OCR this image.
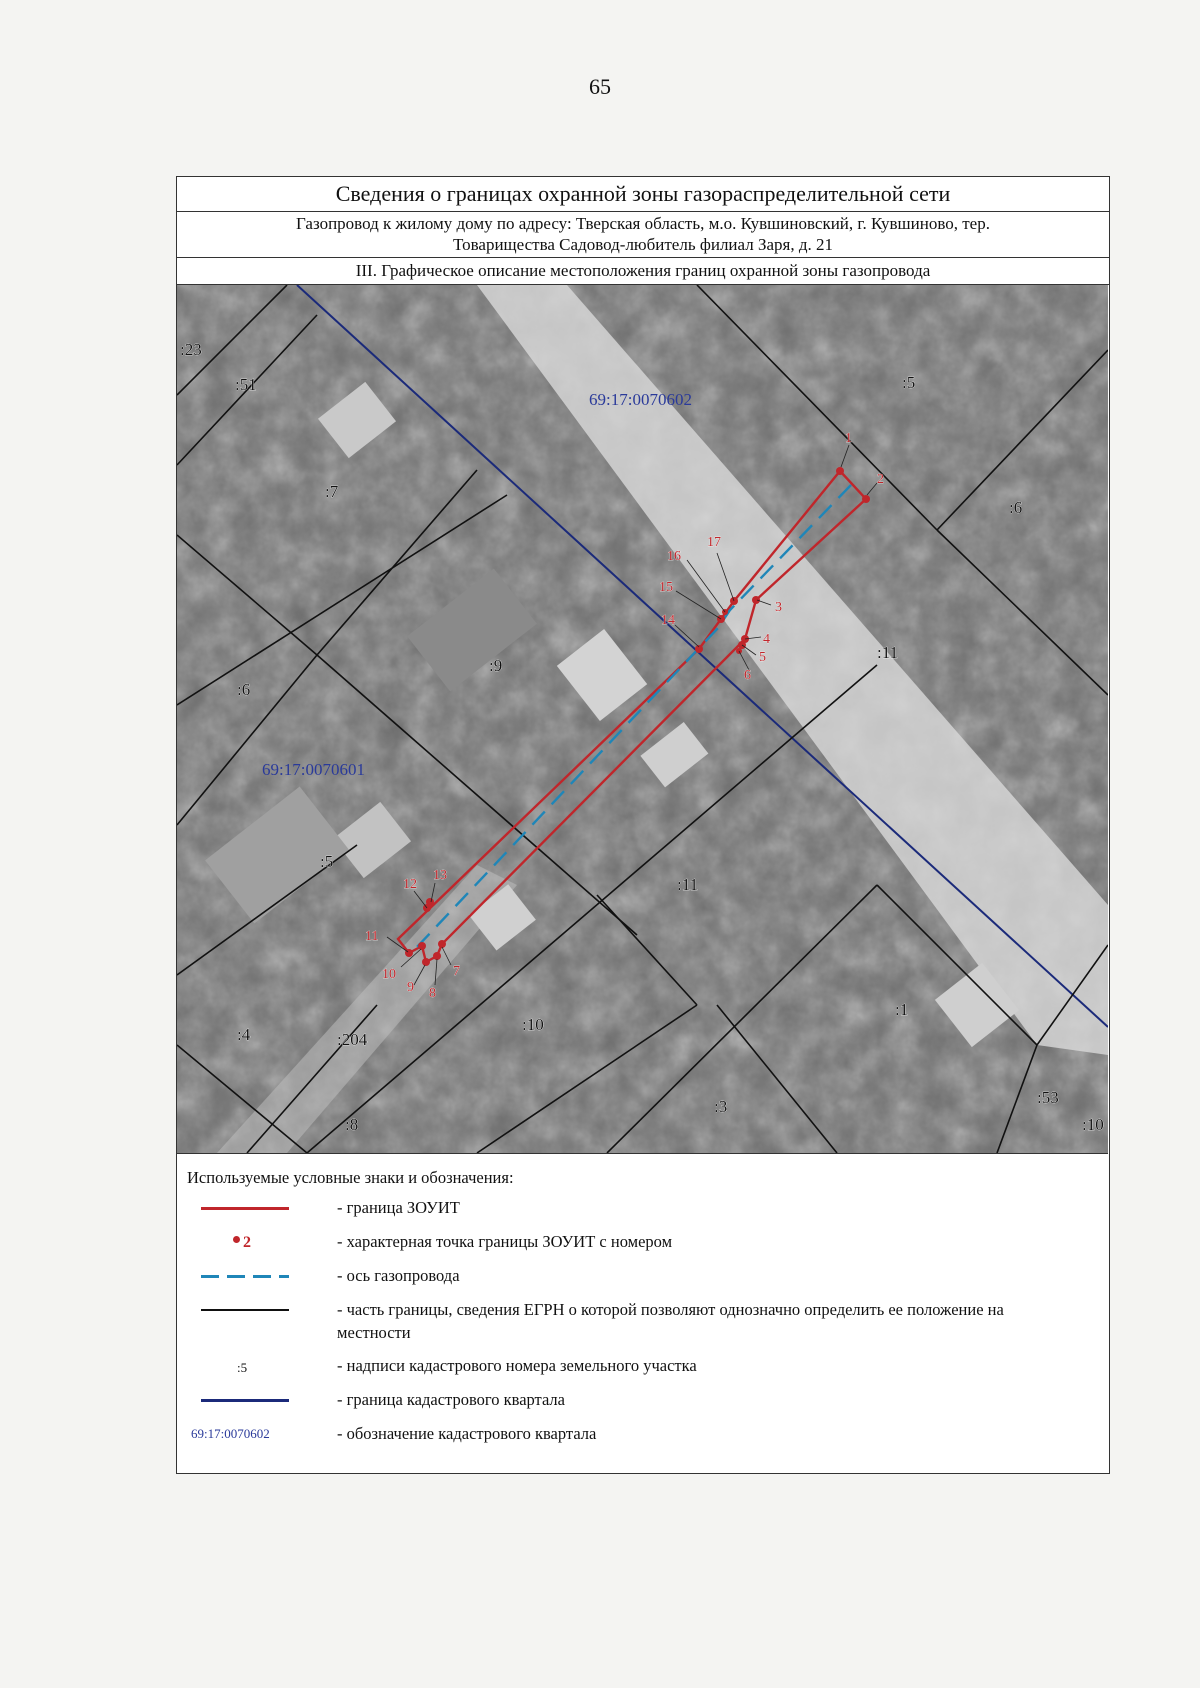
65
Сведения о границах охранной зоны газораспределительной сети
Газопровод к жилому дому по адресу: Тверская область, м.о. Кувшиновский, г. Кувшиново, тер.
Товарищества Садовод-любитель филиал Заря, д. 21
III. Графическое описание местоположения границ охранной зоны газопровода
69:17:0070602
69:17:0070601
:23
:51	:5
:7
:6
:9
:11
:6
:5
:11
:1
:4	:204
:10
:3
:8
:53
:10
1
2
3
4
5
6
7
8
9
10
11
12
13
14
15
16
17
Используемые условные знаки и обозначения:
- граница ЗОУИТ
2	- характерная точка границы ЗОУИТ с номером
- ось газопровода
- часть границы, сведения ЕГРН о которой позволяют однозначно определить ее положение на местности
:5	- надписи кадастрового номера земельного участка
- граница кадастрового квартала
69:17:0070602	- обозначение кадастрового квартала
